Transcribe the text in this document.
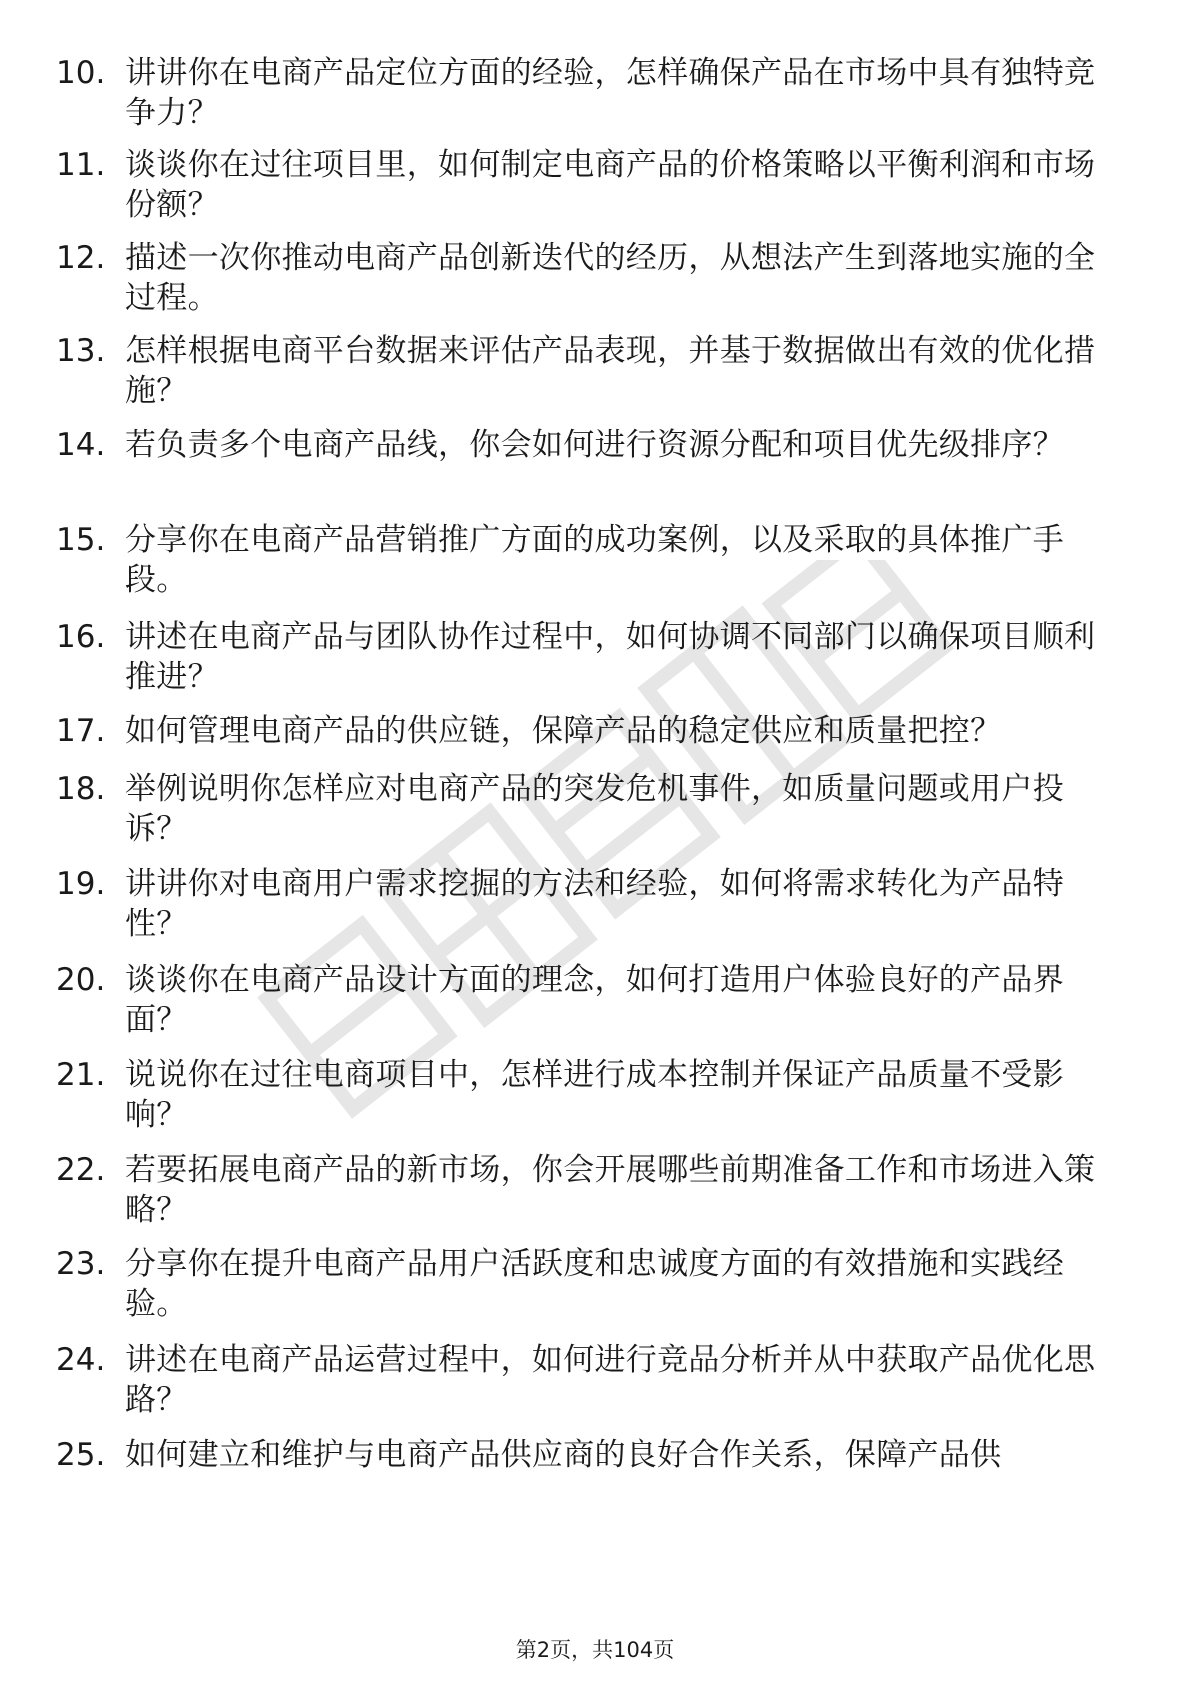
10. 讲讲你在电商产品定位方面的经验，怎样确保产品在市场中具有独特竞争力？
11. 谈谈你在过往项目里，如何制定电商产品的价格策略以平衡利润和市场份额？
12. 描述一次你推动电商产品创新迭代的经历，从想法产生到落地实施的全过程。
13. 怎样根据电商平台数据来评估产品表现，并基于数据做出有效的优化措施？
14. 若负责多个电商产品线，你会如何进行资源分配和项目优先级排序？
15. 分享你在电商产品营销推广方面的成功案例，以及采取的具体推广手段。
16. 讲述在电商产品与团队协作过程中，如何协调不同部门以确保项目顺利推进？
17. 如何管理电商产品的供应链，保障产品的稳定供应和质量把控？
18. 举例说明你怎样应对电商产品的突发危机事件，如质量问题或用户投诉？
19. 讲讲你对电商用户需求挖掘的方法和经验，如何将需求转化为产品特性？
20. 谈谈你在电商产品设计方面的理念，如何打造用户体验良好的产品界面？
21. 说说你在过往电商项目中，怎样进行成本控制并保证产品质量不受影响？
22. 若要拓展电商产品的新市场，你会开展哪些前期准备工作和市场进入策略？
23. 分享你在提升电商产品用户活跃度和忠诚度方面的有效措施和实践经验。
24. 讲述在电商产品运营过程中，如何进行竞品分析并从中获取产品优化思路？
25. 如何建立和维护与电商产品供应商的良好合作关系，保障产品供
第2页，共104页
